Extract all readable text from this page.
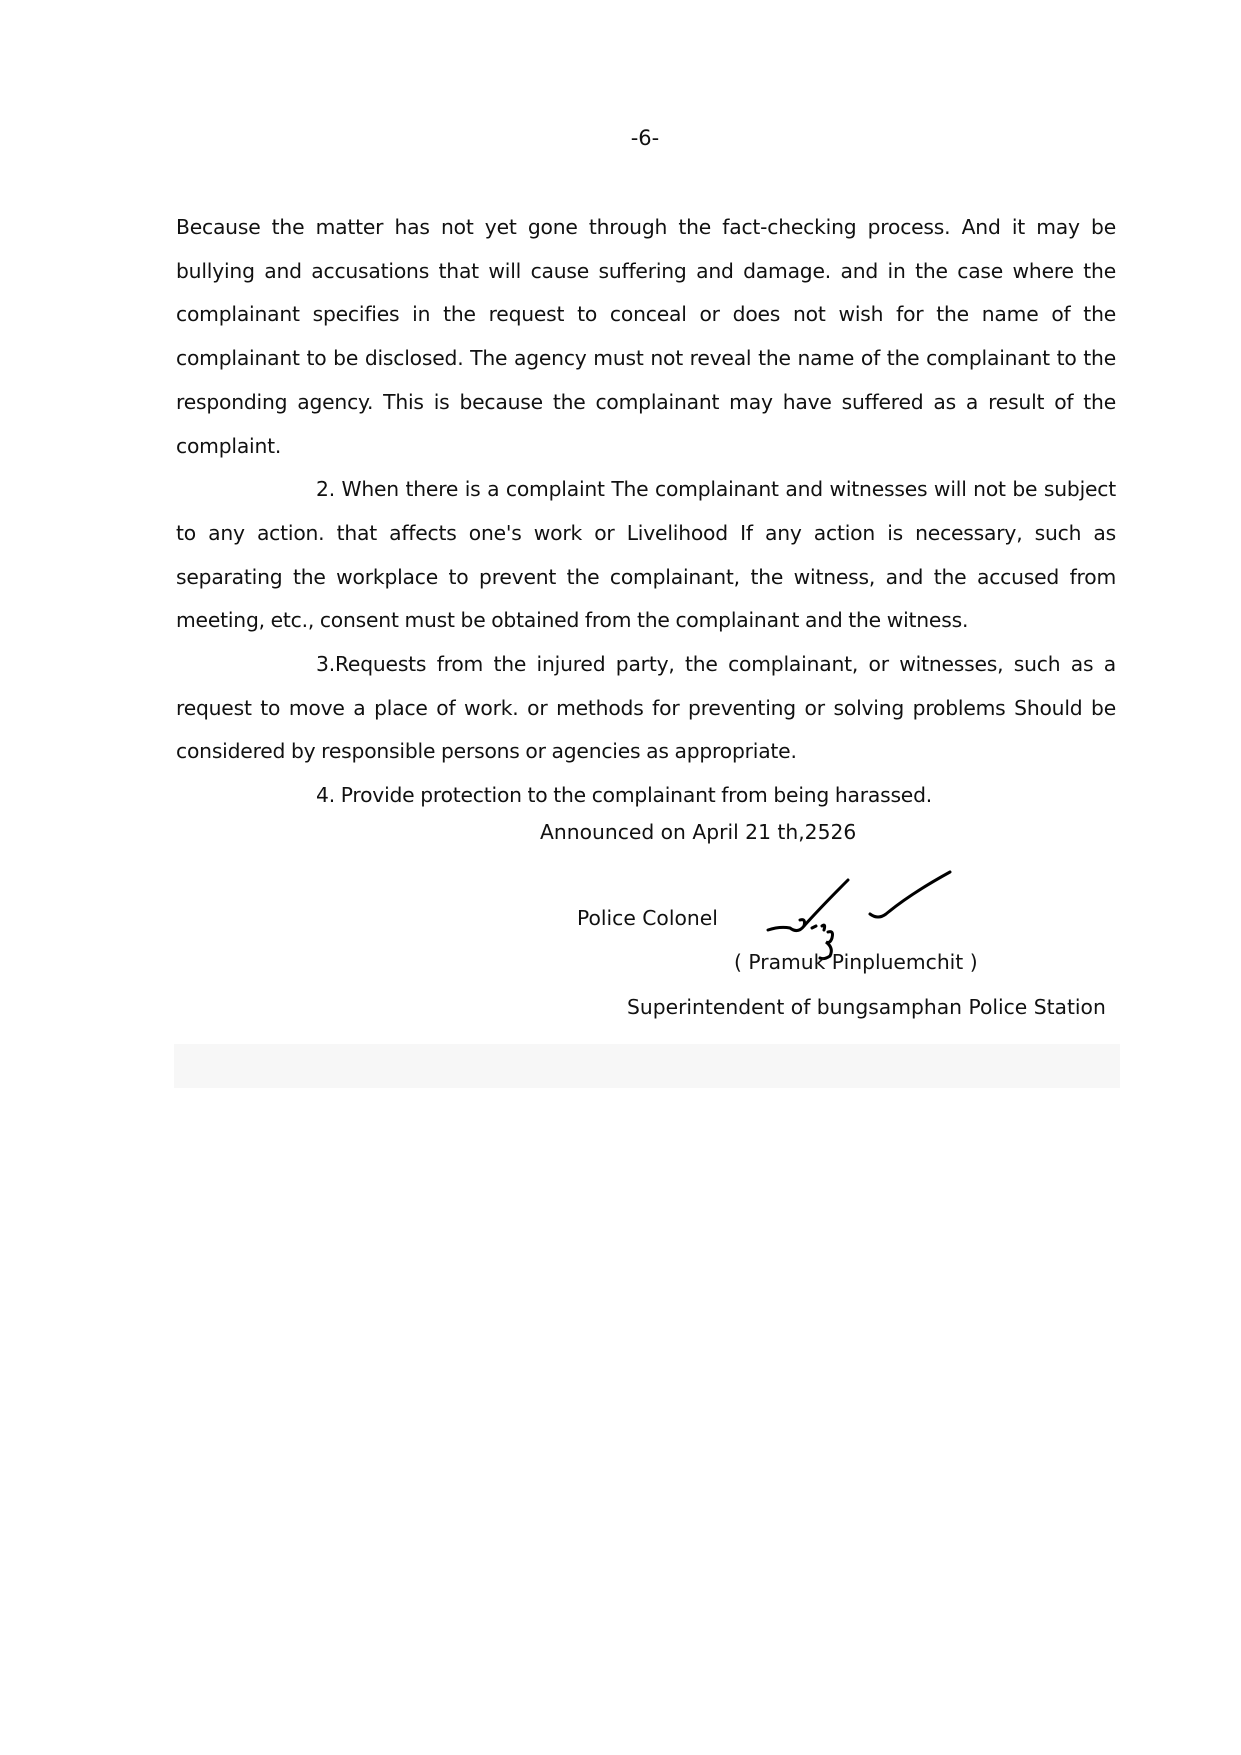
-6-

Because the matter has not yet gone through the fact-checking process. And it may be bullying and accusations that will cause suffering and damage. and in the case where the complainant specifies in the request to conceal or does not wish for the name of the complainant to be disclosed. The agency must not reveal the name of the complainant to the responding agency. This is because the complainant may have suffered as a result of the complaint.

2. When there is a complaint The complainant and witnesses will not be subject to any action. that affects one's work or Livelihood If any action is necessary, such as separating the workplace to prevent the complainant, the witness, and the accused from meeting, etc., consent must be obtained from the complainant and the witness.

3.Requests from the injured party, the complainant, or witnesses, such as a request to move a place of work. or methods for preventing or solving problems Should be considered by responsible persons or agencies as appropriate.

4. Provide protection to the complainant from being harassed.

Announced on April 21 th,2526
Police Colonel
( Pramuk Pinpluemchit )
Superintendent of bungsamphan Police Station
